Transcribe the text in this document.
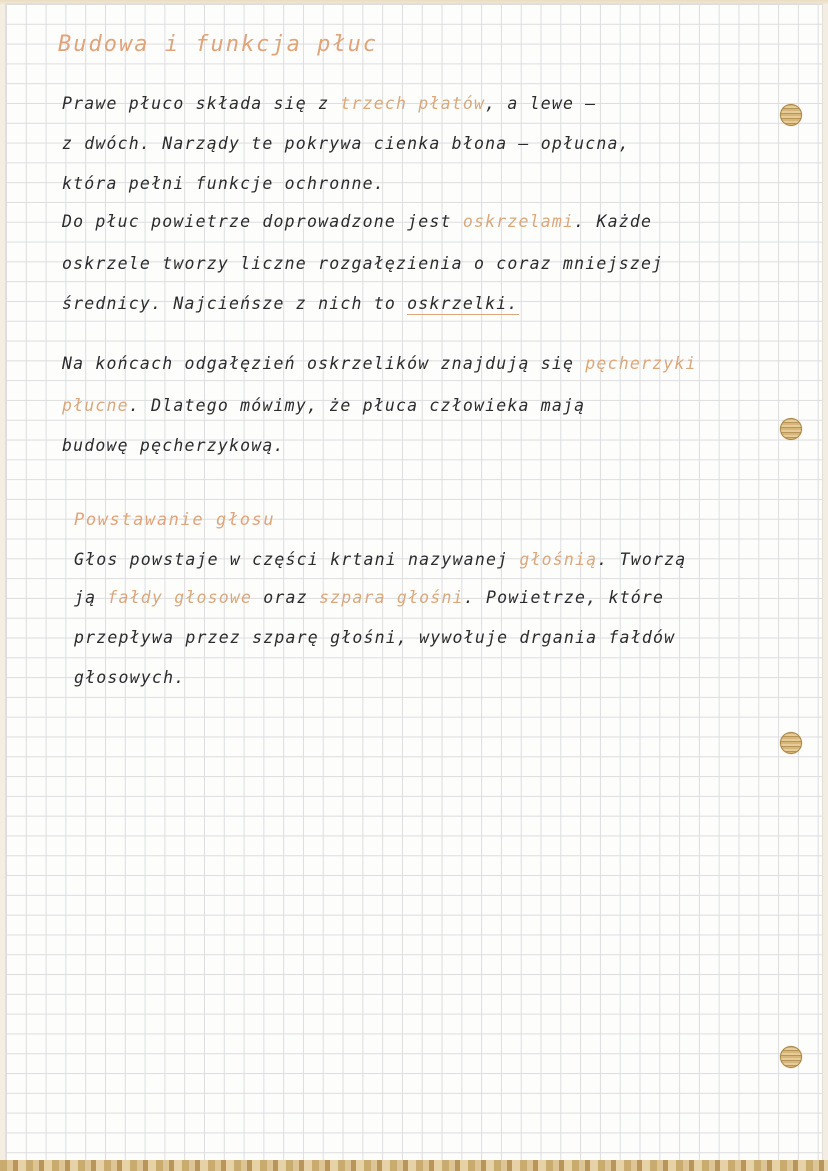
Budowa i funkcja płuc

Prawe płuco składa się z trzech płatów, a lewe –

z dwóch. Narządy te pokrywa cienka błona – opłucna,

która pełni funkcje ochronne.

Do płuc powietrze doprowadzone jest oskrzelami. Każde

oskrzele tworzy liczne rozgałęzienia o coraz mniejszej

średnicy. Najcieńsze z nich to oskrzelki.

Na końcach odgałęzień oskrzelików znajdują się pęcherzyki

płucne. Dlatego mówimy, że płuca człowieka mają

budowę pęcherzykową.

Powstawanie głosu

Głos powstaje w części krtani nazywanej głośnią. Tworzą

ją fałdy głosowe oraz szpara głośni. Powietrze, które

przepływa przez szparę głośni, wywołuje drgania fałdów

głosowych.
